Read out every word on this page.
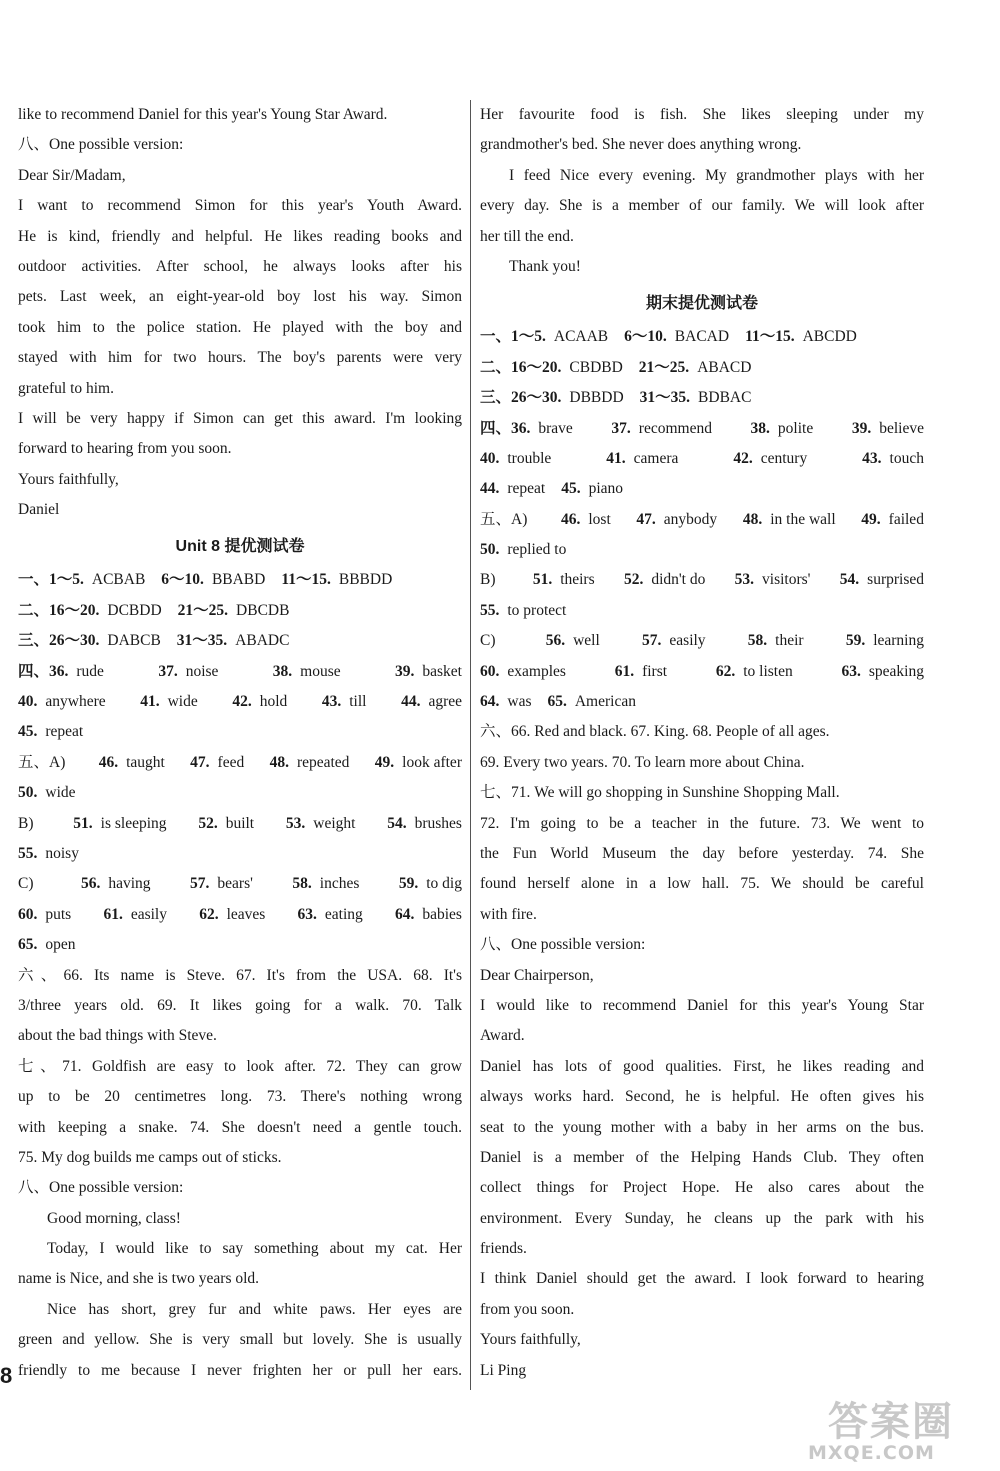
like to recommend Daniel for this year's Young Star Award.
八、One possible version:
Dear Sir/Madam,
I want to recommend Simon for this year's Youth Award.
He is kind, friendly and helpful. He likes reading books and
outdoor activities. After school, he always looks after his
pets. Last week, an eight-year-old boy lost his way. Simon
took him to the police station. He played with the boy and
stayed with him for two hours. The boy's parents were very
grateful to him.
I will be very happy if Simon can get this award. I'm looking
forward to hearing from you soon.
Yours faithfully,
Daniel
Unit 8 提优测试卷
一、1～5. ACBAB 6～10. BBABD 11～15. BBBDD
二、16～20. DCBDD 21～25. DBCDB
三、26～30. DABCB 31～35. ABADC
四、36. rude	37. noise	38. mouse	39. basket
40. anywhere 41. wide 42. hold 43. till 44. agree
45. repeat
五、A)	46. taught 47. feed 48. repeated 49. look after
50. wide
B)	51. is sleeping 52. built 53. weight 54. brushes
55. noisy
C)	56. having	57. bears'	58. inches	59. to dig
60. puts 61. easily 62. leaves 63. eating 64. babies
65. open
六、66. Its name is Steve. 67. It's from the USA. 68. It's
3/three years old. 69. It likes going for a walk. 70. Talk
about the bad things with Steve.
七、71. Goldfish are easy to look after. 72. They can grow
up to be 20 centimetres long. 73. There's nothing wrong
with keeping a snake. 74. She doesn't need a gentle touch.
75. My dog builds me camps out of sticks.
八、One possible version:
Good morning, class!
Today, I would like to say something about my cat. Her
name is Nice, and she is two years old.
Nice has short, grey fur and white paws. Her eyes are
green and yellow. She is very small but lovely. She is usually
friendly to me because I never frighten her or pull her ears.
Her favourite food is fish. She likes sleeping under my
grandmother's bed. She never does anything wrong.
I feed Nice every evening. My grandmother plays with her
every day. She is a member of our family. We will look after
her till the end.
Thank you!
期末提优测试卷
一、1～5. ACAAB 6～10. BACAD 11～15. ABCDD
二、16～20. CBDBD 21～25. ABACD
三、26～30. DBBDD 31～35. BDBAC
四、36. brave 37. recommend 38. polite 39. believe
40. trouble	41. camera	42. century	43. touch
44. repeat 45. piano
五、A)	46. lost 47. anybody 48. in the wall 49. failed
50. replied to
B)	51. theirs 52. didn't do 53. visitors' 54. surprised
55. to protect
C)	56. well	57. easily	58. their	59. learning
60. examples	61. first	62. to listen	63. speaking
64. was 65. American
六、66. Red and black. 67. King. 68. People of all ages.
69. Every two years. 70. To learn more about China.
七、71. We will go shopping in Sunshine Shopping Mall.
72. I'm going to be a teacher in the future. 73. We went to
the Fun World Museum the day before yesterday. 74. She
found herself alone in a low hall. 75. We should be careful
with fire.
八、One possible version:
Dear Chairperson,
I would like to recommend Daniel for this year's Young Star
Award.
Daniel has lots of good qualities. First, he likes reading and
always works hard. Second, he is helpful. He often gives his
seat to the young mother with a baby in her arms on the bus.
Daniel is a member of the Helping Hands Club. They often
collect things for Project Hope. He also cares about the
environment. Every Sunday, he cleans up the park with his
friends.
I think Daniel should get the award. I look forward to hearing
from you soon.
Yours faithfully,
Li Ping
8
答案圈
MXQE.COM
